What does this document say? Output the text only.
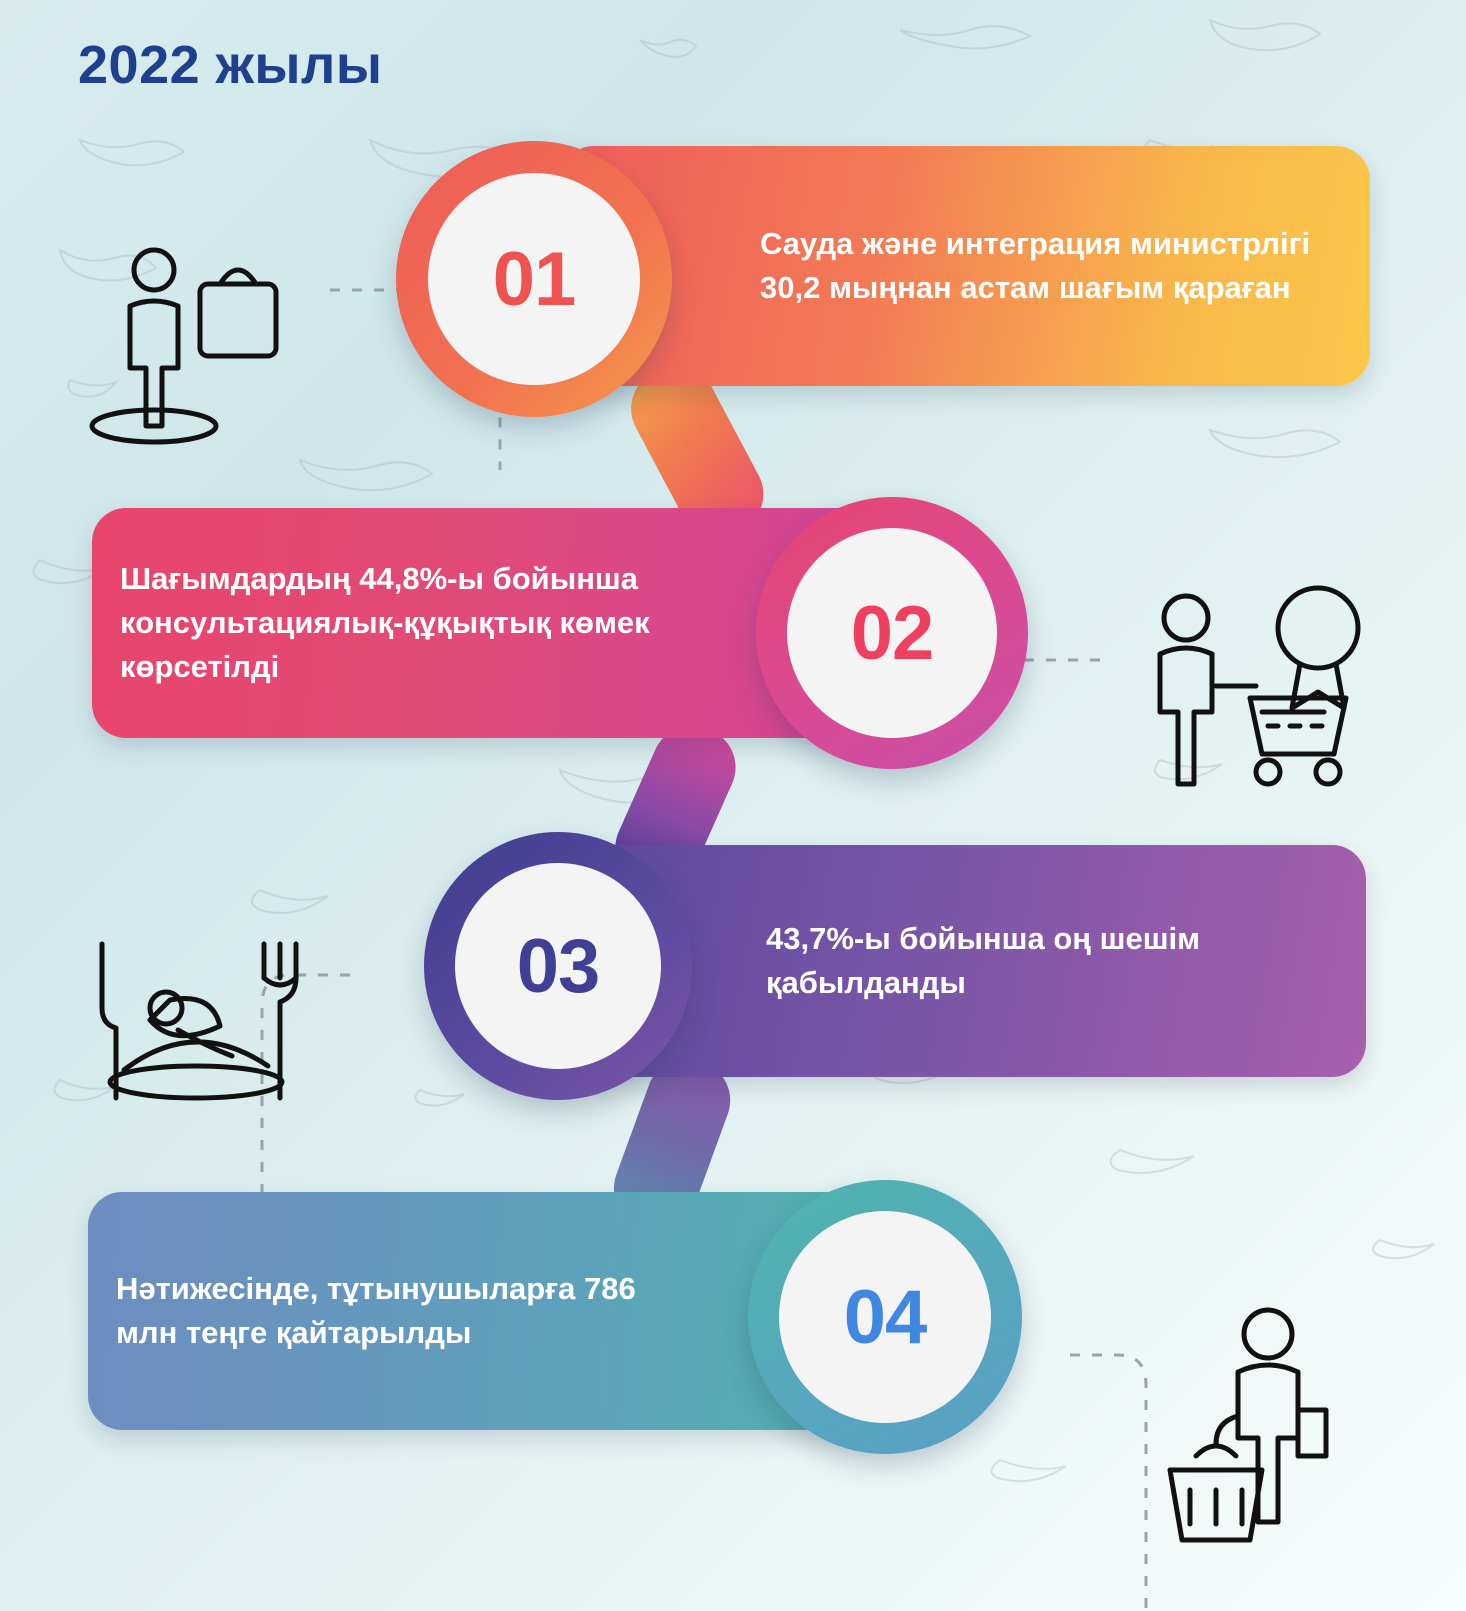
2022 жылы
Сауда және интеграция министрлігі 30,2 мыңнан астам шағым қараған
01
Шағымдардың 44,8%-ы бойынша консультациялық-құқықтық көмек көрсетілді	02
43,7%-ы бойынша оң шешім қабылданды
03
Нәтижесінде, тұтынушыларға 786 млн теңге қайтарылды	04
